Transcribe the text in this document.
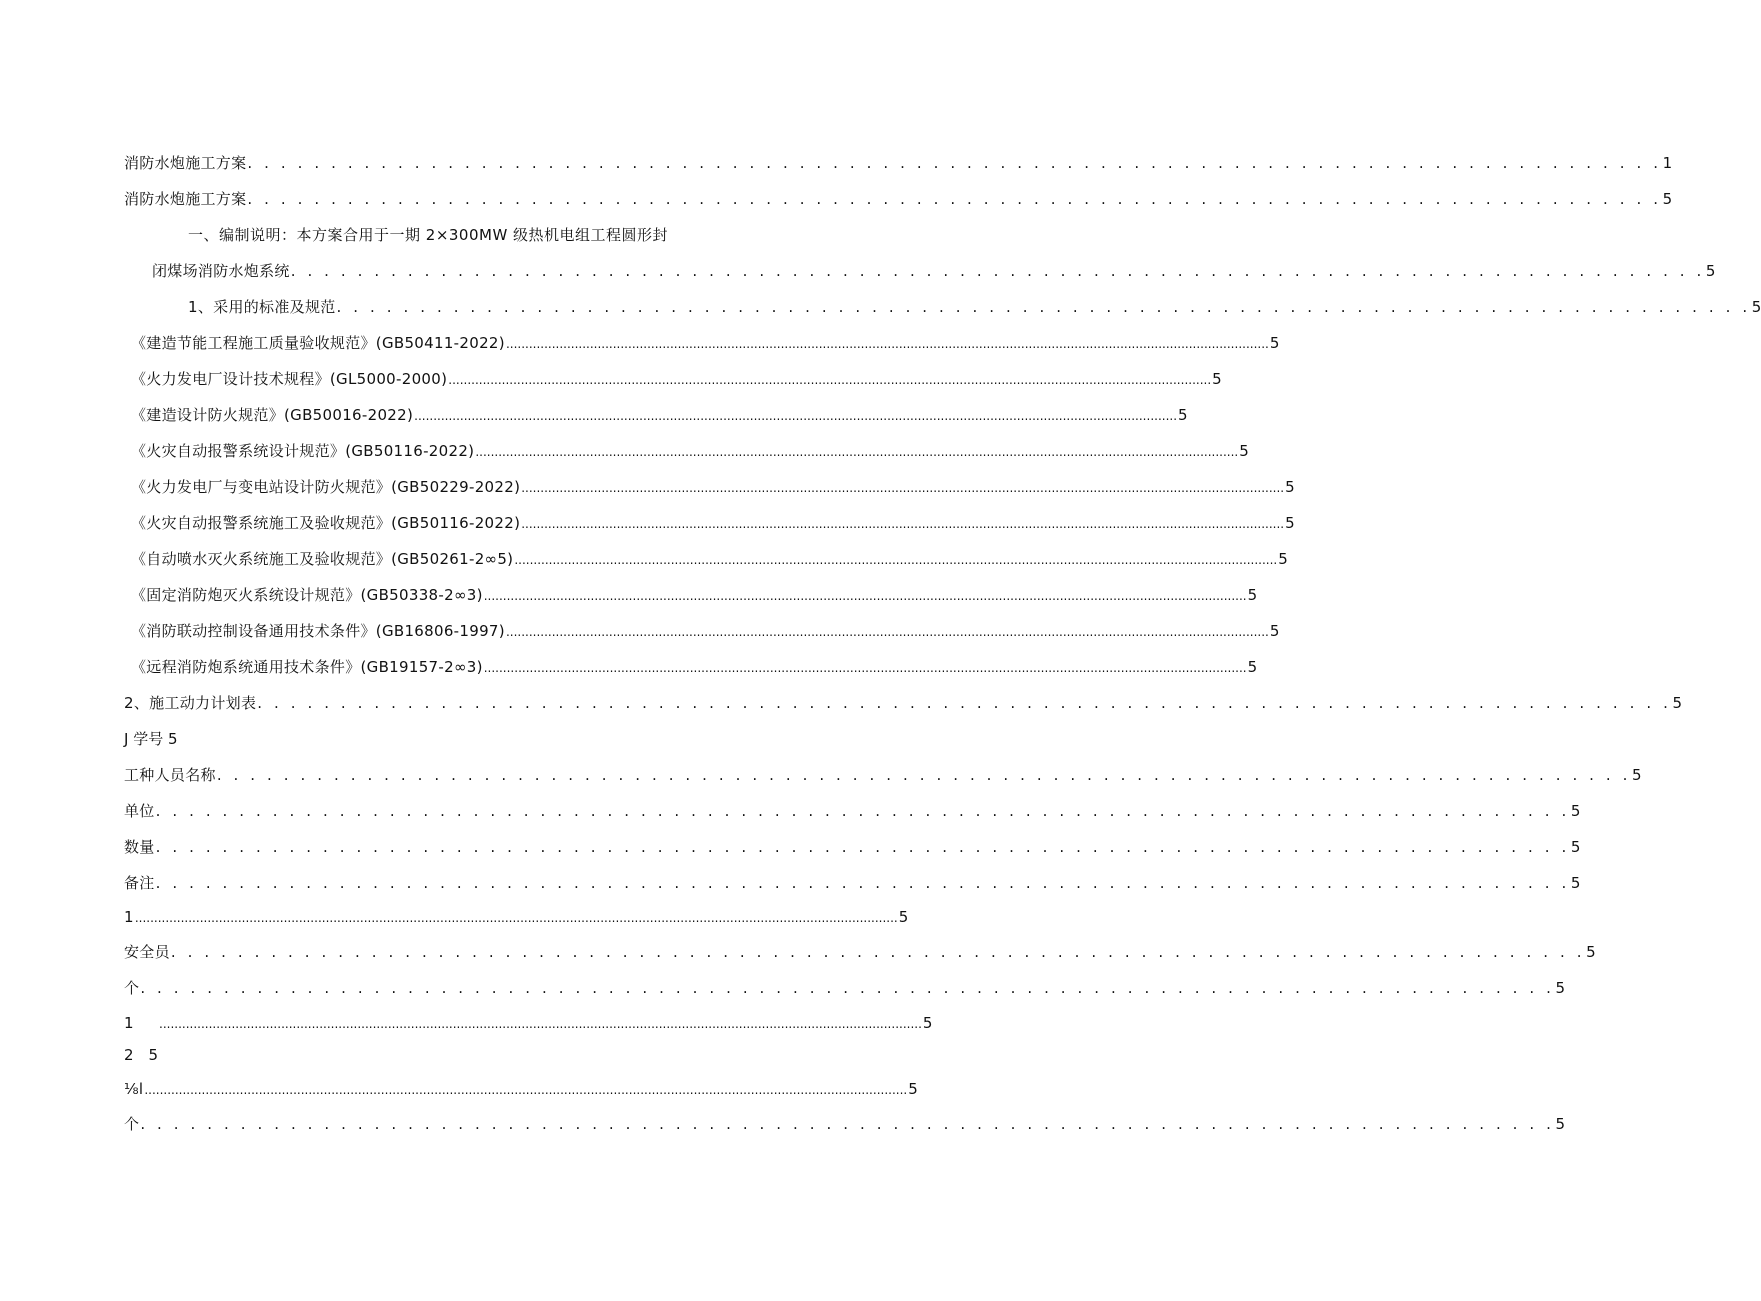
消防水炮施工方案 . . . . . . . . . . . . . . . . . . . . . . . . . . . . . . . . . . . . . . . . . . . . . . . . . . . . . . . . . . . . . . . . . . . . . . . . . . . . . . . . . . . . . 1
消防水炮施工方案 . . . . . . . . . . . . . . . . . . . . . . . . . . . . . . . . . . . . . . . . . . . . . . . . . . . . . . . . . . . . . . . . . . . . . . . . . . . . . . . . . . . . . 5
一、编制说明：本方案合用于一期 2×300MW 级热机电组工程圆形封
闭煤场消防水炮系统 . . . . . . . . . . . . . . . . . . . . . . . . . . . . . . . . . . . . . . . . . . . . . . . . . . . . . . . . . . . . . . . . . . . . . . . . . . . . . . . . . . . . . 5
1、采用的标准及规范 . . . . . . . . . . . . . . . . . . . . . . . . . . . . . . . . . . . . . . . . . . . . . . . . . . . . . . . . . . . . . . . . . . . . . . . . . . . . . . . . . . . . . 5
《建造节能工程施工质量验收规范》(GB50411-2022) ........................................................................................................................................................................................................ 5
《火力发电厂设计技术规程》(GL5000-2000) ........................................................................................................................................................................................................ 5
《建造设计防火规范》(GB50016-2022) ........................................................................................................................................................................................................ 5
《火灾自动报警系统设计规范》(GB50116-2022) ........................................................................................................................................................................................................ 5
《火力发电厂与变电站设计防火规范》(GB50229-2022) ........................................................................................................................................................................................................ 5
《火灾自动报警系统施工及验收规范》(GB50116-2022) ........................................................................................................................................................................................................ 5
《自动喷水灭火系统施工及验收规范》(GB50261-2∞5) ........................................................................................................................................................................................................ 5
《固定消防炮灭火系统设计规范》(GB50338-2∞3) ........................................................................................................................................................................................................ 5
《消防联动控制设备通用技术条件》(GB16806-1997) ........................................................................................................................................................................................................ 5
《远程消防炮系统通用技术条件》(GB19157-2∞3) ........................................................................................................................................................................................................ 5
2、施工动力计划表 . . . . . . . . . . . . . . . . . . . . . . . . . . . . . . . . . . . . . . . . . . . . . . . . . . . . . . . . . . . . . . . . . . . . . . . . . . . . . . . . . . . . . 5
J 学号 5
工种人员名称 . . . . . . . . . . . . . . . . . . . . . . . . . . . . . . . . . . . . . . . . . . . . . . . . . . . . . . . . . . . . . . . . . . . . . . . . . . . . . . . . . . . . . 5
单位 . . . . . . . . . . . . . . . . . . . . . . . . . . . . . . . . . . . . . . . . . . . . . . . . . . . . . . . . . . . . . . . . . . . . . . . . . . . . . . . . . . . . . 5
数量 . . . . . . . . . . . . . . . . . . . . . . . . . . . . . . . . . . . . . . . . . . . . . . . . . . . . . . . . . . . . . . . . . . . . . . . . . . . . . . . . . . . . . 5
备注 . . . . . . . . . . . . . . . . . . . . . . . . . . . . . . . . . . . . . . . . . . . . . . . . . . . . . . . . . . . . . . . . . . . . . . . . . . . . . . . . . . . . . 5
1 ........................................................................................................................................................................................................ 5
安全员 . . . . . . . . . . . . . . . . . . . . . . . . . . . . . . . . . . . . . . . . . . . . . . . . . . . . . . . . . . . . . . . . . . . . . . . . . . . . . . . . . . . . . 5
个 . . . . . . . . . . . . . . . . . . . . . . . . . . . . . . . . . . . . . . . . . . . . . . . . . . . . . . . . . . . . . . . . . . . . . . . . . . . . . . . . . . . . . 5
1	........................................................................................................................................................................................................ 5
2　5
⅛l ........................................................................................................................................................................................................ 5
个 . . . . . . . . . . . . . . . . . . . . . . . . . . . . . . . . . . . . . . . . . . . . . . . . . . . . . . . . . . . . . . . . . . . . . . . . . . . . . . . . . . . . . 5
